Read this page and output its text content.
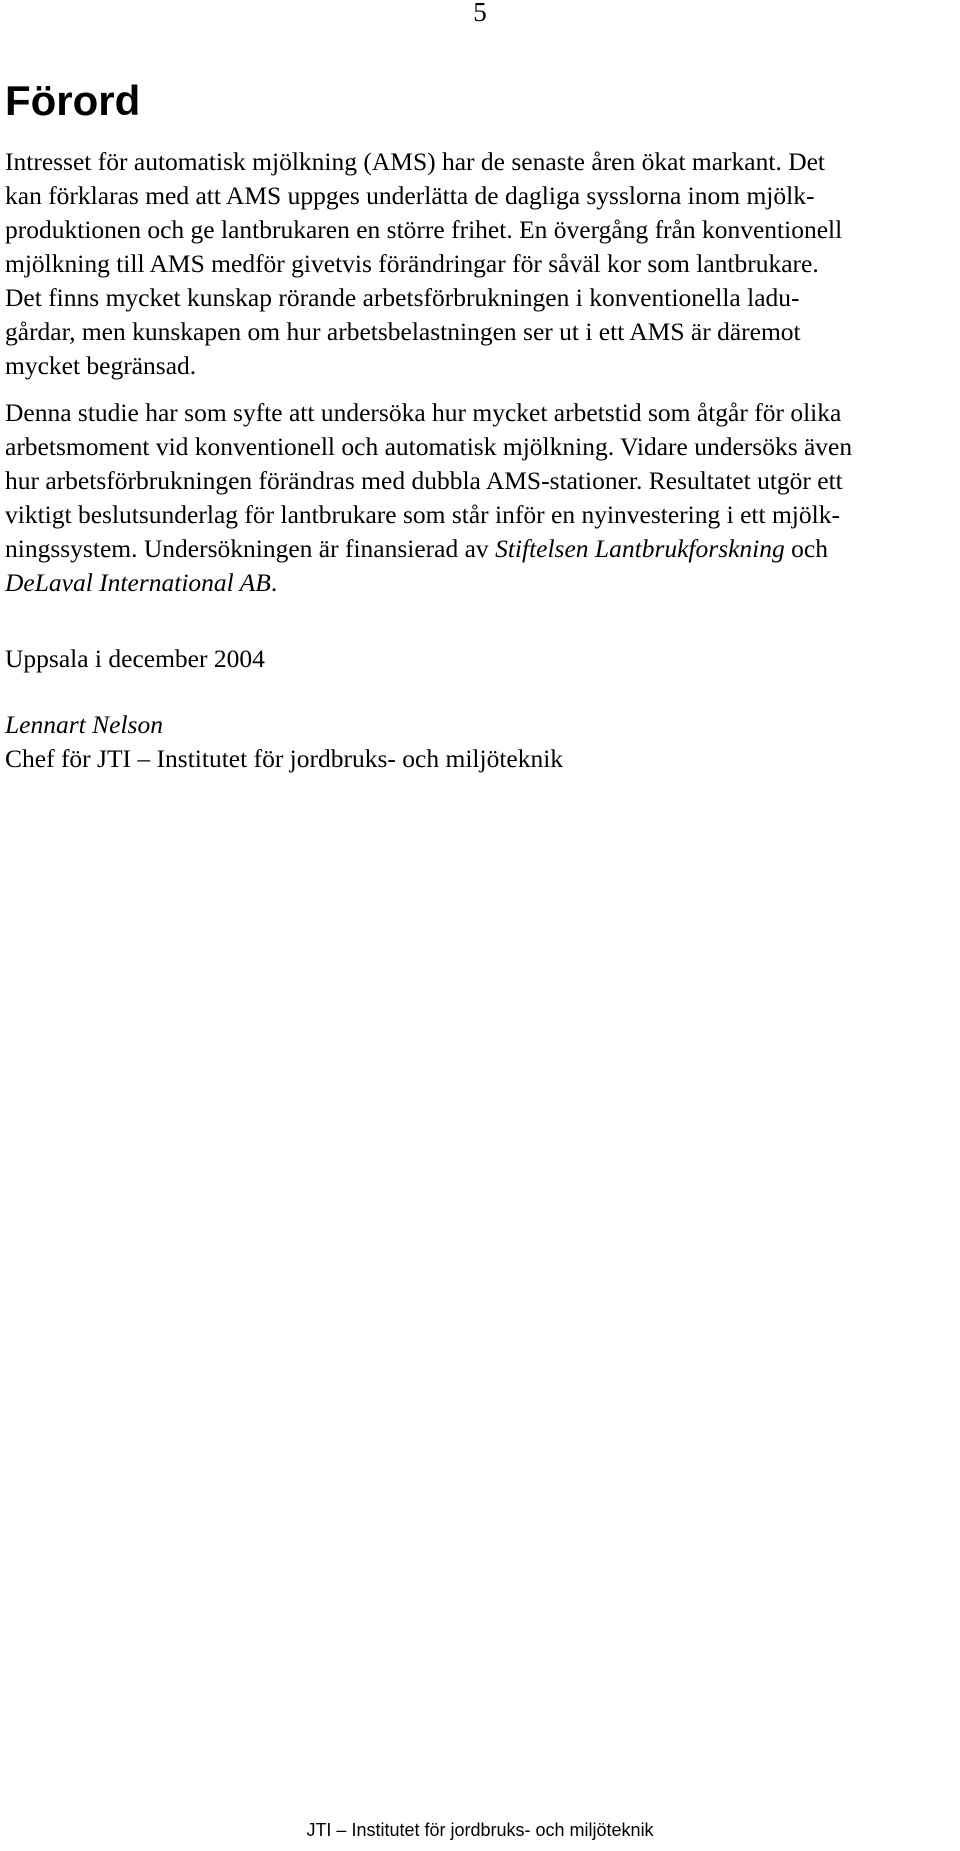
5
Förord

Intresset för automatisk mjölkning (AMS) har de senaste åren ökat markant. Det
kan förklaras med att AMS uppges underlätta de dagliga sysslorna inom mjölk-
produktionen och ge lantbrukaren en större frihet. En övergång från konventionell
mjölkning till AMS medför givetvis förändringar för såväl kor som lantbrukare.
Det finns mycket kunskap rörande arbetsförbrukningen i konventionella ladu-
gårdar, men kunskapen om hur arbetsbelastningen ser ut i ett AMS är däremot
mycket begränsad.

Denna studie har som syfte att undersöka hur mycket arbetstid som åtgår för olika
arbetsmoment vid konventionell och automatisk mjölkning. Vidare undersöks även
hur arbetsförbrukningen förändras med dubbla AMS-stationer. Resultatet utgör ett
viktigt beslutsunderlag för lantbrukare som står inför en nyinvestering i ett mjölk-
ningssystem. Undersökningen är finansierad av Stiftelsen Lantbrukforskning och
DeLaval International AB.

Uppsala i december 2004
Lennart Nelson
Chef för JTI – Institutet för jordbruks- och miljöteknik
JTI – Institutet för jordbruks- och miljöteknik
